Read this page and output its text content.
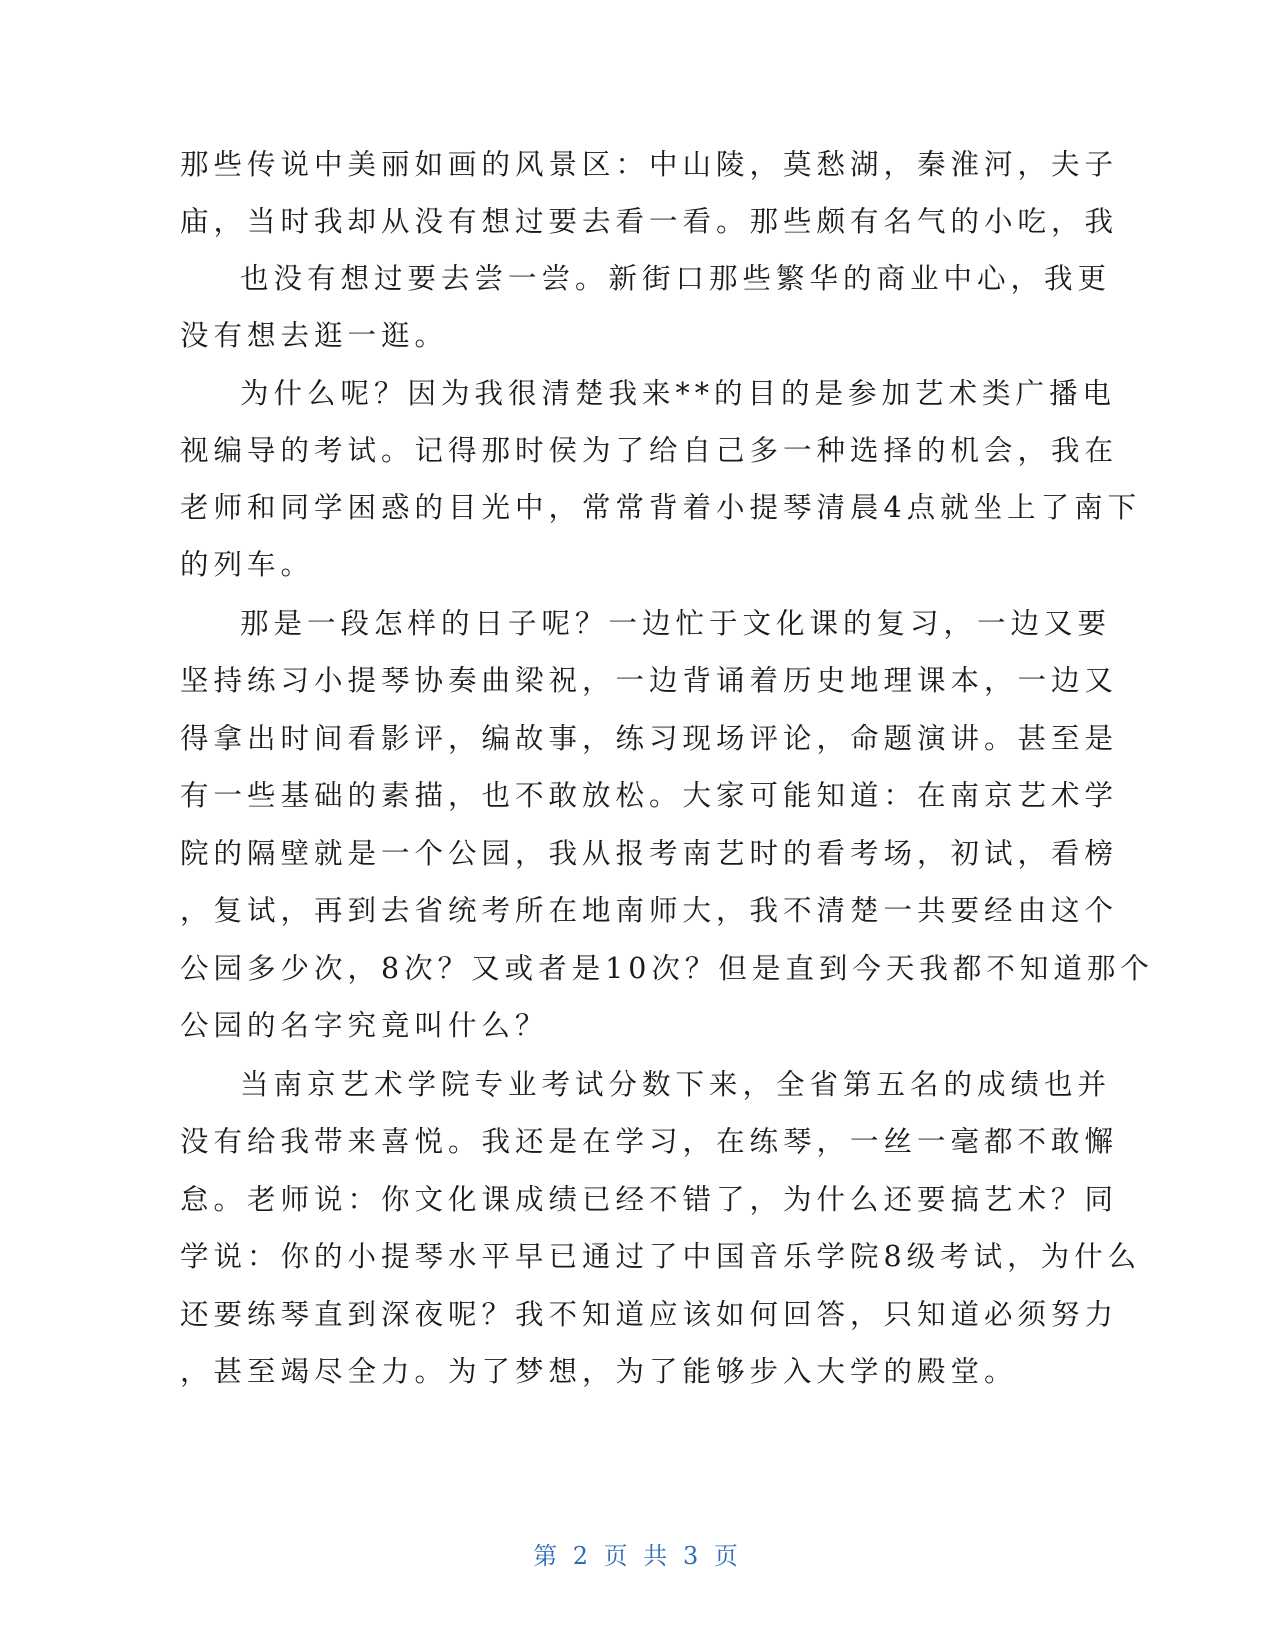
那些传说中美丽如画的风景区：中山陵，莫愁湖，秦淮河，夫子
庙，当时我却从没有想过要去看一看。那些颇有名气的小吃，我
也没有想过要去尝一尝。新街口那些繁华的商业中心，我更
没有想去逛一逛。
为什么呢？因为我很清楚我来**的目的是参加艺术类广播电
视编导的考试。记得那时侯为了给自己多一种选择的机会，我在
老师和同学困惑的目光中，常常背着小提琴清晨4点就坐上了南下
的列车。
那是一段怎样的日子呢？一边忙于文化课的复习，一边又要
坚持练习小提琴协奏曲梁祝，一边背诵着历史地理课本，一边又
得拿出时间看影评，编故事，练习现场评论，命题演讲。甚至是
有一些基础的素描，也不敢放松。大家可能知道：在南京艺术学
院的隔壁就是一个公园，我从报考南艺时的看考场，初试，看榜
，复试，再到去省统考所在地南师大，我不清楚一共要经由这个
公园多少次，8次？又或者是10次？但是直到今天我都不知道那个
公园的名字究竟叫什么？
当南京艺术学院专业考试分数下来，全省第五名的成绩也并
没有给我带来喜悦。我还是在学习，在练琴，一丝一毫都不敢懈
怠。老师说：你文化课成绩已经不错了，为什么还要搞艺术？同
学说：你的小提琴水平早已通过了中国音乐学院8级考试，为什么
还要练琴直到深夜呢？我不知道应该如何回答，只知道必须努力
，甚至竭尽全力。为了梦想，为了能够步入大学的殿堂。
第 2 页 共 3 页
